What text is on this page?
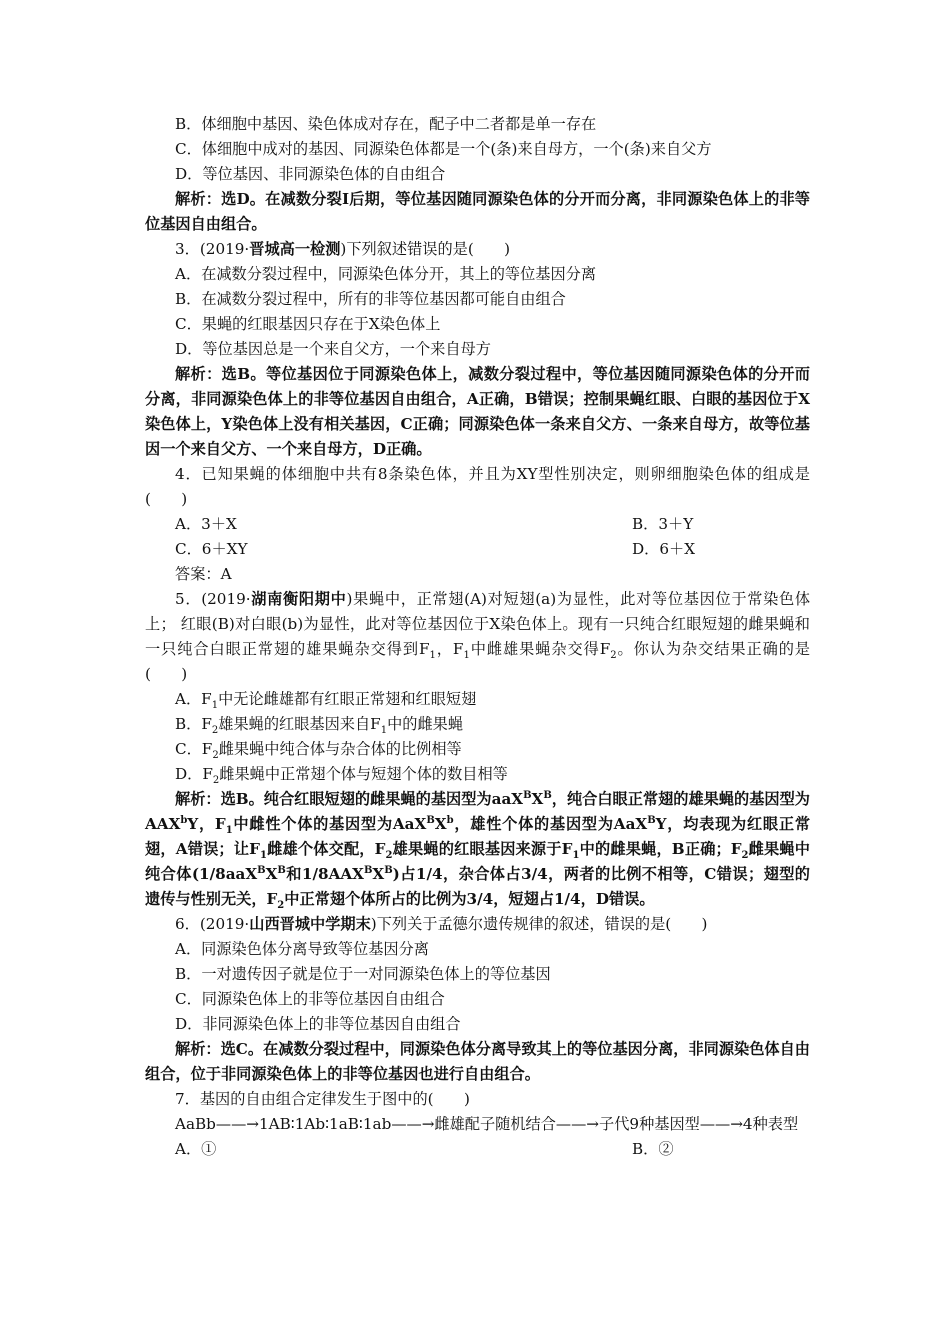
B．体细胞中基因、染色体成对存在，配子中二者都是单一存在

C．体细胞中成对的基因、同源染色体都是一个(条)来自母方，一个(条)来自父方

D．等位基因、非同源染色体的自由组合

解析：选D。在减数分裂Ⅰ后期，等位基因随同源染色体的分开而分离，非同源染色体上的非等位基因自由组合。

3．(2019·晋城高一检测)下列叙述错误的是(　　)

A．在减数分裂过程中，同源染色体分开，其上的等位基因分离

B．在减数分裂过程中，所有的非等位基因都可能自由组合

C．果蝇的红眼基因只存在于X染色体上

D．等位基因总是一个来自父方，一个来自母方

解析：选B。等位基因位于同源染色体上，减数分裂过程中，等位基因随同源染色体的分开而分离，非同源染色体上的非等位基因自由组合，A正确，B错误；控制果蝇红眼、白眼的基因位于X染色体上，Y染色体上没有相关基因，C正确；同源染色体一条来自父方、一条来自母方，故等位基因一个来自父方、一个来自母方，D正确。

4．已知果蝇的体细胞中共有8条染色体，并且为XY型性别决定，则卵细胞染色体的组成是(　　)

A．3＋X	B．3＋Y
C．6＋XY	D．6＋X

答案：A

5．(2019·湖南衡阳期中)果蝇中，正常翅(A)对短翅(a)为显性，此对等位基因位于常染色体上； 红眼(B)对白眼(b)为显性，此对等位基因位于X染色体上。现有一只纯合红眼短翅的雌果蝇和一只纯合白眼正常翅的雄果蝇杂交得到$F_1$，$F_1$中雌雄果蝇杂交得$F_2$。你认为杂交结果正确的是(　　)

A．$F_1$中无论雌雄都有红眼正常翅和红眼短翅

B．$F_2$雄果蝇的红眼基因来自$F_1$中的雌果蝇

C．$F_2$雌果蝇中纯合体与杂合体的比例相等

D．$F_2$雌果蝇中正常翅个体与短翅个体的数目相等

解析：选B。纯合红眼短翅的雌果蝇的基因型为$aaX^BX^B$，纯合白眼正常翅的雄果蝇的基因型为AAX$^b$Y，$F_1$中雌性个体的基因型为$AaX^BX^b$，雄性个体的基因型为AaX$^B$Y，均表现为红眼正常翅，A错误；让$F_1$雌雄个体交配，$F_2$雄果蝇的红眼基因来源于$F_1$中的雌果蝇，B正确；$F_2$雌果蝇中纯合体($1/8aaX^BX^B$和$1/8AAX^BX^B$)占1/4，杂合体占3/4，两者的比例不相等，C错误；翅型的遗传与性别无关，$F_2$中正常翅个体所占的比例为3/4，短翅占1/4，D错误。

6．(2019·山西晋城中学期末)下列关于孟德尔遗传规律的叙述，错误的是(　　)

A．同源染色体分离导致等位基因分离

B．一对遗传因子就是位于一对同源染色体上的等位基因

C．同源染色体上的非等位基因自由组合

D．非同源染色体上的非等位基因自由组合

解析：选C。在减数分裂过程中，同源染色体分离导致其上的等位基因分离，非同源染色体自由组合，位于非同源染色体上的非等位基因也进行自由组合。

7．基因的自由组合定律发生于图中的(　　)

AaBb——→1AB∶1Ab∶1aB∶1ab——→雌雄配子随机结合——→子代9种基因型——→4种表型

A．①	B．②
